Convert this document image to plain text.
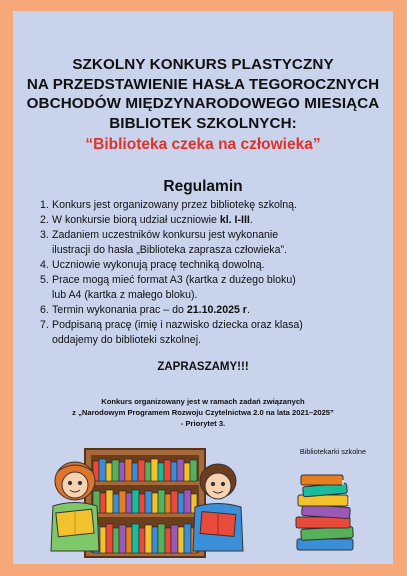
SZKOLNY KONKURS PLASTYCZNY
NA PRZEDSTAWIENIE HASŁA TEGOROCZNYCH
OBCHODÓW MIĘDZYNARODOWEGO MIESIĄCA
BIBLIOTEK SZKOLNYCH:
“Biblioteka czeka na człowieka”
Regulamin
1. Konkurs jest organizowany przez bibliotekę szkolną.
2. W konkursie biorą udział uczniowie kl. I-III.
3. Zadaniem uczestników konkursu jest wykonanie
ilustracji do hasła „Biblioteka zaprasza człowieka”.
4. Uczniowie wykonują pracę techniką dowolną.
5. Prace mogą mieć format A3 (kartka z dużego bloku)
lub A4 (kartka z małego bloku).
6. Termin wykonania prac – do 21.10.2025 r.
7. Podpisaną pracę (imię i nazwisko dziecka oraz klasa)
oddajemy do biblioteki szkolnej.
ZAPRASZAMY!!!
Konkurs organizowany jest w ramach zadań związanych
z „Narodowym Programem Rozwoju Czytelnictwa 2.0 na lata 2021–2025”
- Priorytet 3.
Bibliotekarki szkolne
